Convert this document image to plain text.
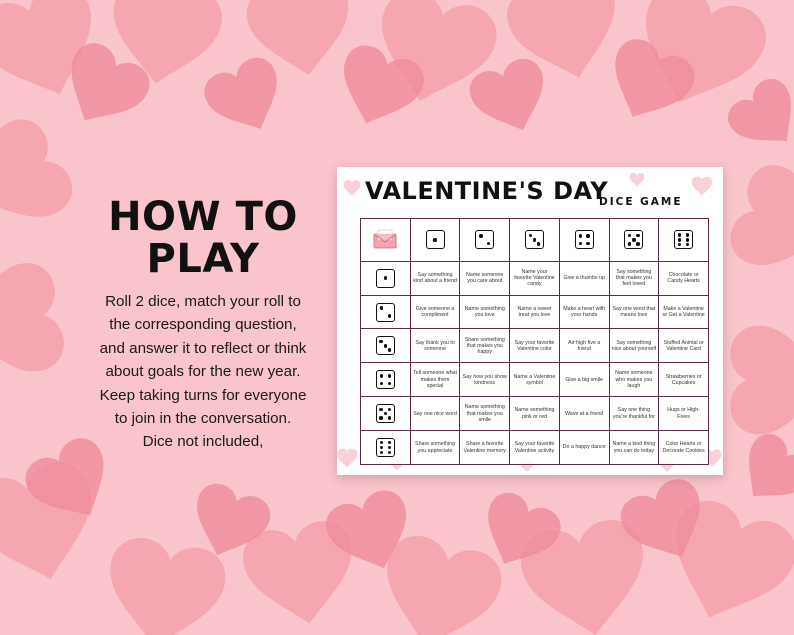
HOW TO
PLAY

Roll 2 dice, match your roll to
the corresponding question,
and answer it to reflect or think
about goals for the new year.
Keep taking turns for everyone
to join in the conversation.
Dice not included,

VALENTINE'S DAY
DICE GAME

	Say something kind about a friend	Name someone you care about	Name your favorite Valentine candy	Give a thumbs up	Say something that makes you feel loved	Chocolate or Candy Hearts

	Give someone a compliment	Name something you love	Name a sweet treat you love	Make a heart with your hands	Say one word that means love	Make a Valentine or Get a Valentine

	Say thank you to someone	Share something that makes you happy	Say your favorite Valentine color	Air high five a friend	Say something nice about yourself	Stuffed Animal or Valentine Card

	Tell someone what makes them special	Say how you show kindness	Name a Valentine symbol	Give a big smile	Name someone who makes you laugh	Strawberries or Cupcakes

	Say one nice word	Name something that makes you smile	Name something pink or red	Wave at a friend	Say one thing you're thankful for	Hugs or High-Fives

	Share something you appreciate	Share a favorite Valentine memory	Say your favorite Valentine activity	Do a happy dance	Name a kind thing you can do today	Color Hearts or Decorate Cookies
